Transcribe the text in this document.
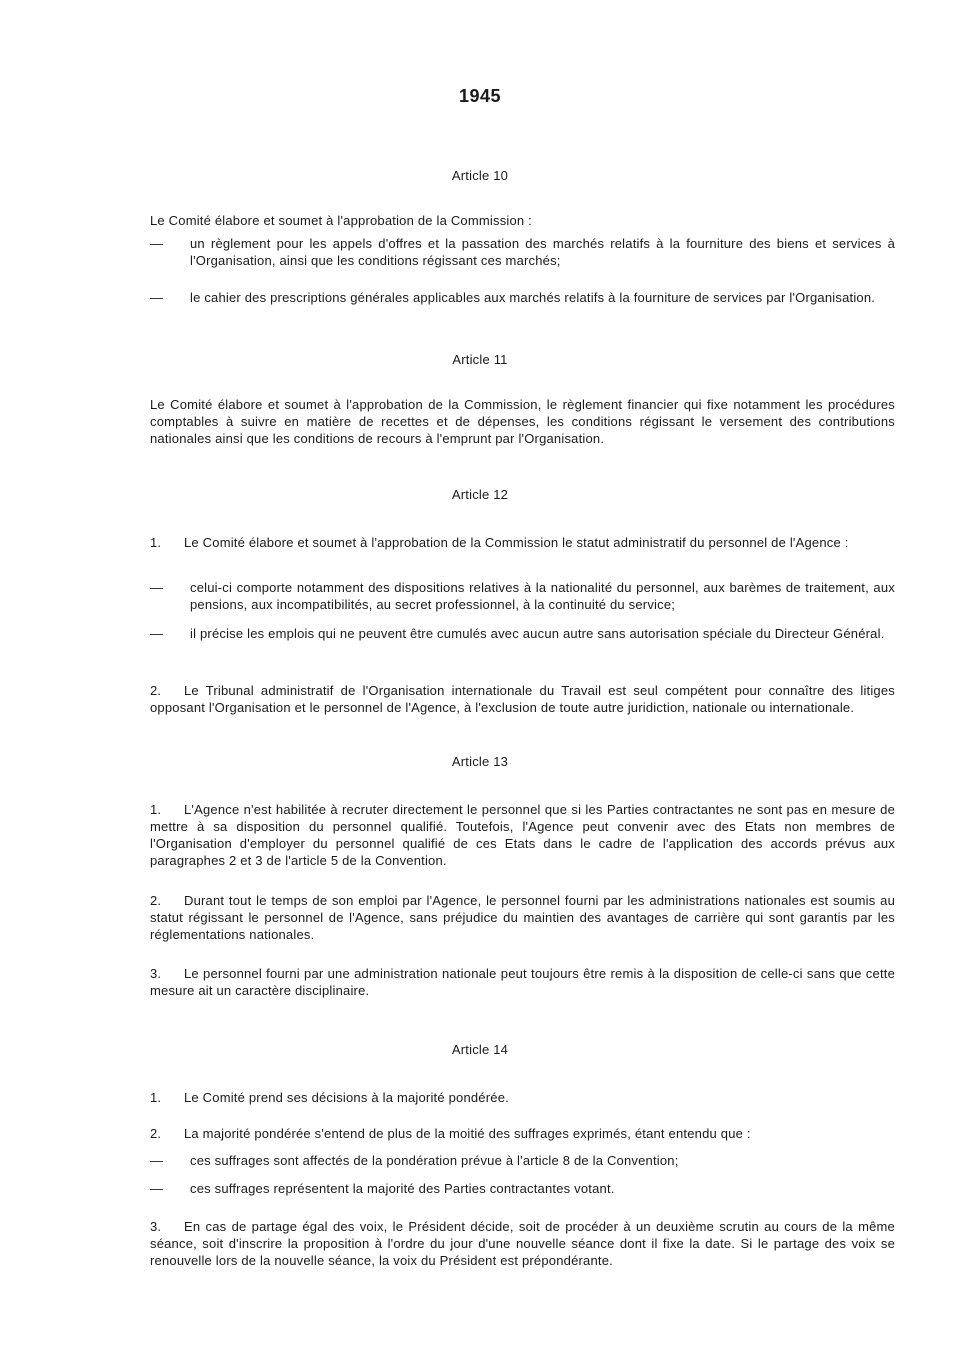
1945
Article 10
Le Comité élabore et soumet à l'approbation de la Commission :
—	un règlement pour les appels d'offres et la passation des marchés relatifs à la fourniture des biens et services à l'Organisation, ainsi que les conditions régissant ces marchés;
—	le cahier des prescriptions générales applicables aux marchés relatifs à la fourniture de services par l'Organisation.
Article 11
Le Comité élabore et soumet à l'approbation de la Commission, le règlement financier qui fixe notamment les procédures comptables à suivre en matière de recettes et de dépenses, les conditions régissant le versement des contributions nationales ainsi que les conditions de recours à l'emprunt par l'Organisation.
Article 12
1. Le Comité élabore et soumet à l'approbation de la Commission le statut administratif du personnel de l'Agence :
—	celui-ci comporte notamment des dispositions relatives à la nationalité du personnel, aux barèmes de traitement, aux pensions, aux incompatibilités, au secret professionnel, à la continuité du service;
—	il précise les emplois qui ne peuvent être cumulés avec aucun autre sans autorisation spéciale du Directeur Général.
2. Le Tribunal administratif de l'Organisation internationale du Travail est seul compétent pour connaître des litiges opposant l'Organisation et le personnel de l'Agence, à l'exclusion de toute autre juridiction, nationale ou internationale.
Article 13
1. L'Agence n'est habilitée à recruter directement le personnel que si les Parties contractantes ne sont pas en mesure de mettre à sa disposition du personnel qualifié. Toutefois, l'Agence peut convenir avec des Etats non membres de l'Organisation d'employer du personnel qualifié de ces Etats dans le cadre de l'application des accords prévus aux paragraphes 2 et 3 de l'article 5 de la Convention.
2. Durant tout le temps de son emploi par l'Agence, le personnel fourni par les administrations nationales est soumis au statut régissant le personnel de l'Agence, sans préjudice du maintien des avantages de carrière qui sont garantis par les réglementations nationales.
3. Le personnel fourni par une administration nationale peut toujours être remis à la disposition de celle-ci sans que cette mesure ait un caractère disciplinaire.
Article 14
1. Le Comité prend ses décisions à la majorité pondérée.
2. La majorité pondérée s'entend de plus de la moitié des suffrages exprimés, étant entendu que :
—	ces suffrages sont affectés de la pondération prévue à l'article 8 de la Convention;
—	ces suffrages représentent la majorité des Parties contractantes votant.
3. En cas de partage égal des voix, le Président décide, soit de procéder à un deuxième scrutin au cours de la même séance, soit d'inscrire la proposition à l'ordre du jour d'une nouvelle séance dont il fixe la date. Si le partage des voix se renouvelle lors de la nouvelle séance, la voix du Président est prépondérante.
